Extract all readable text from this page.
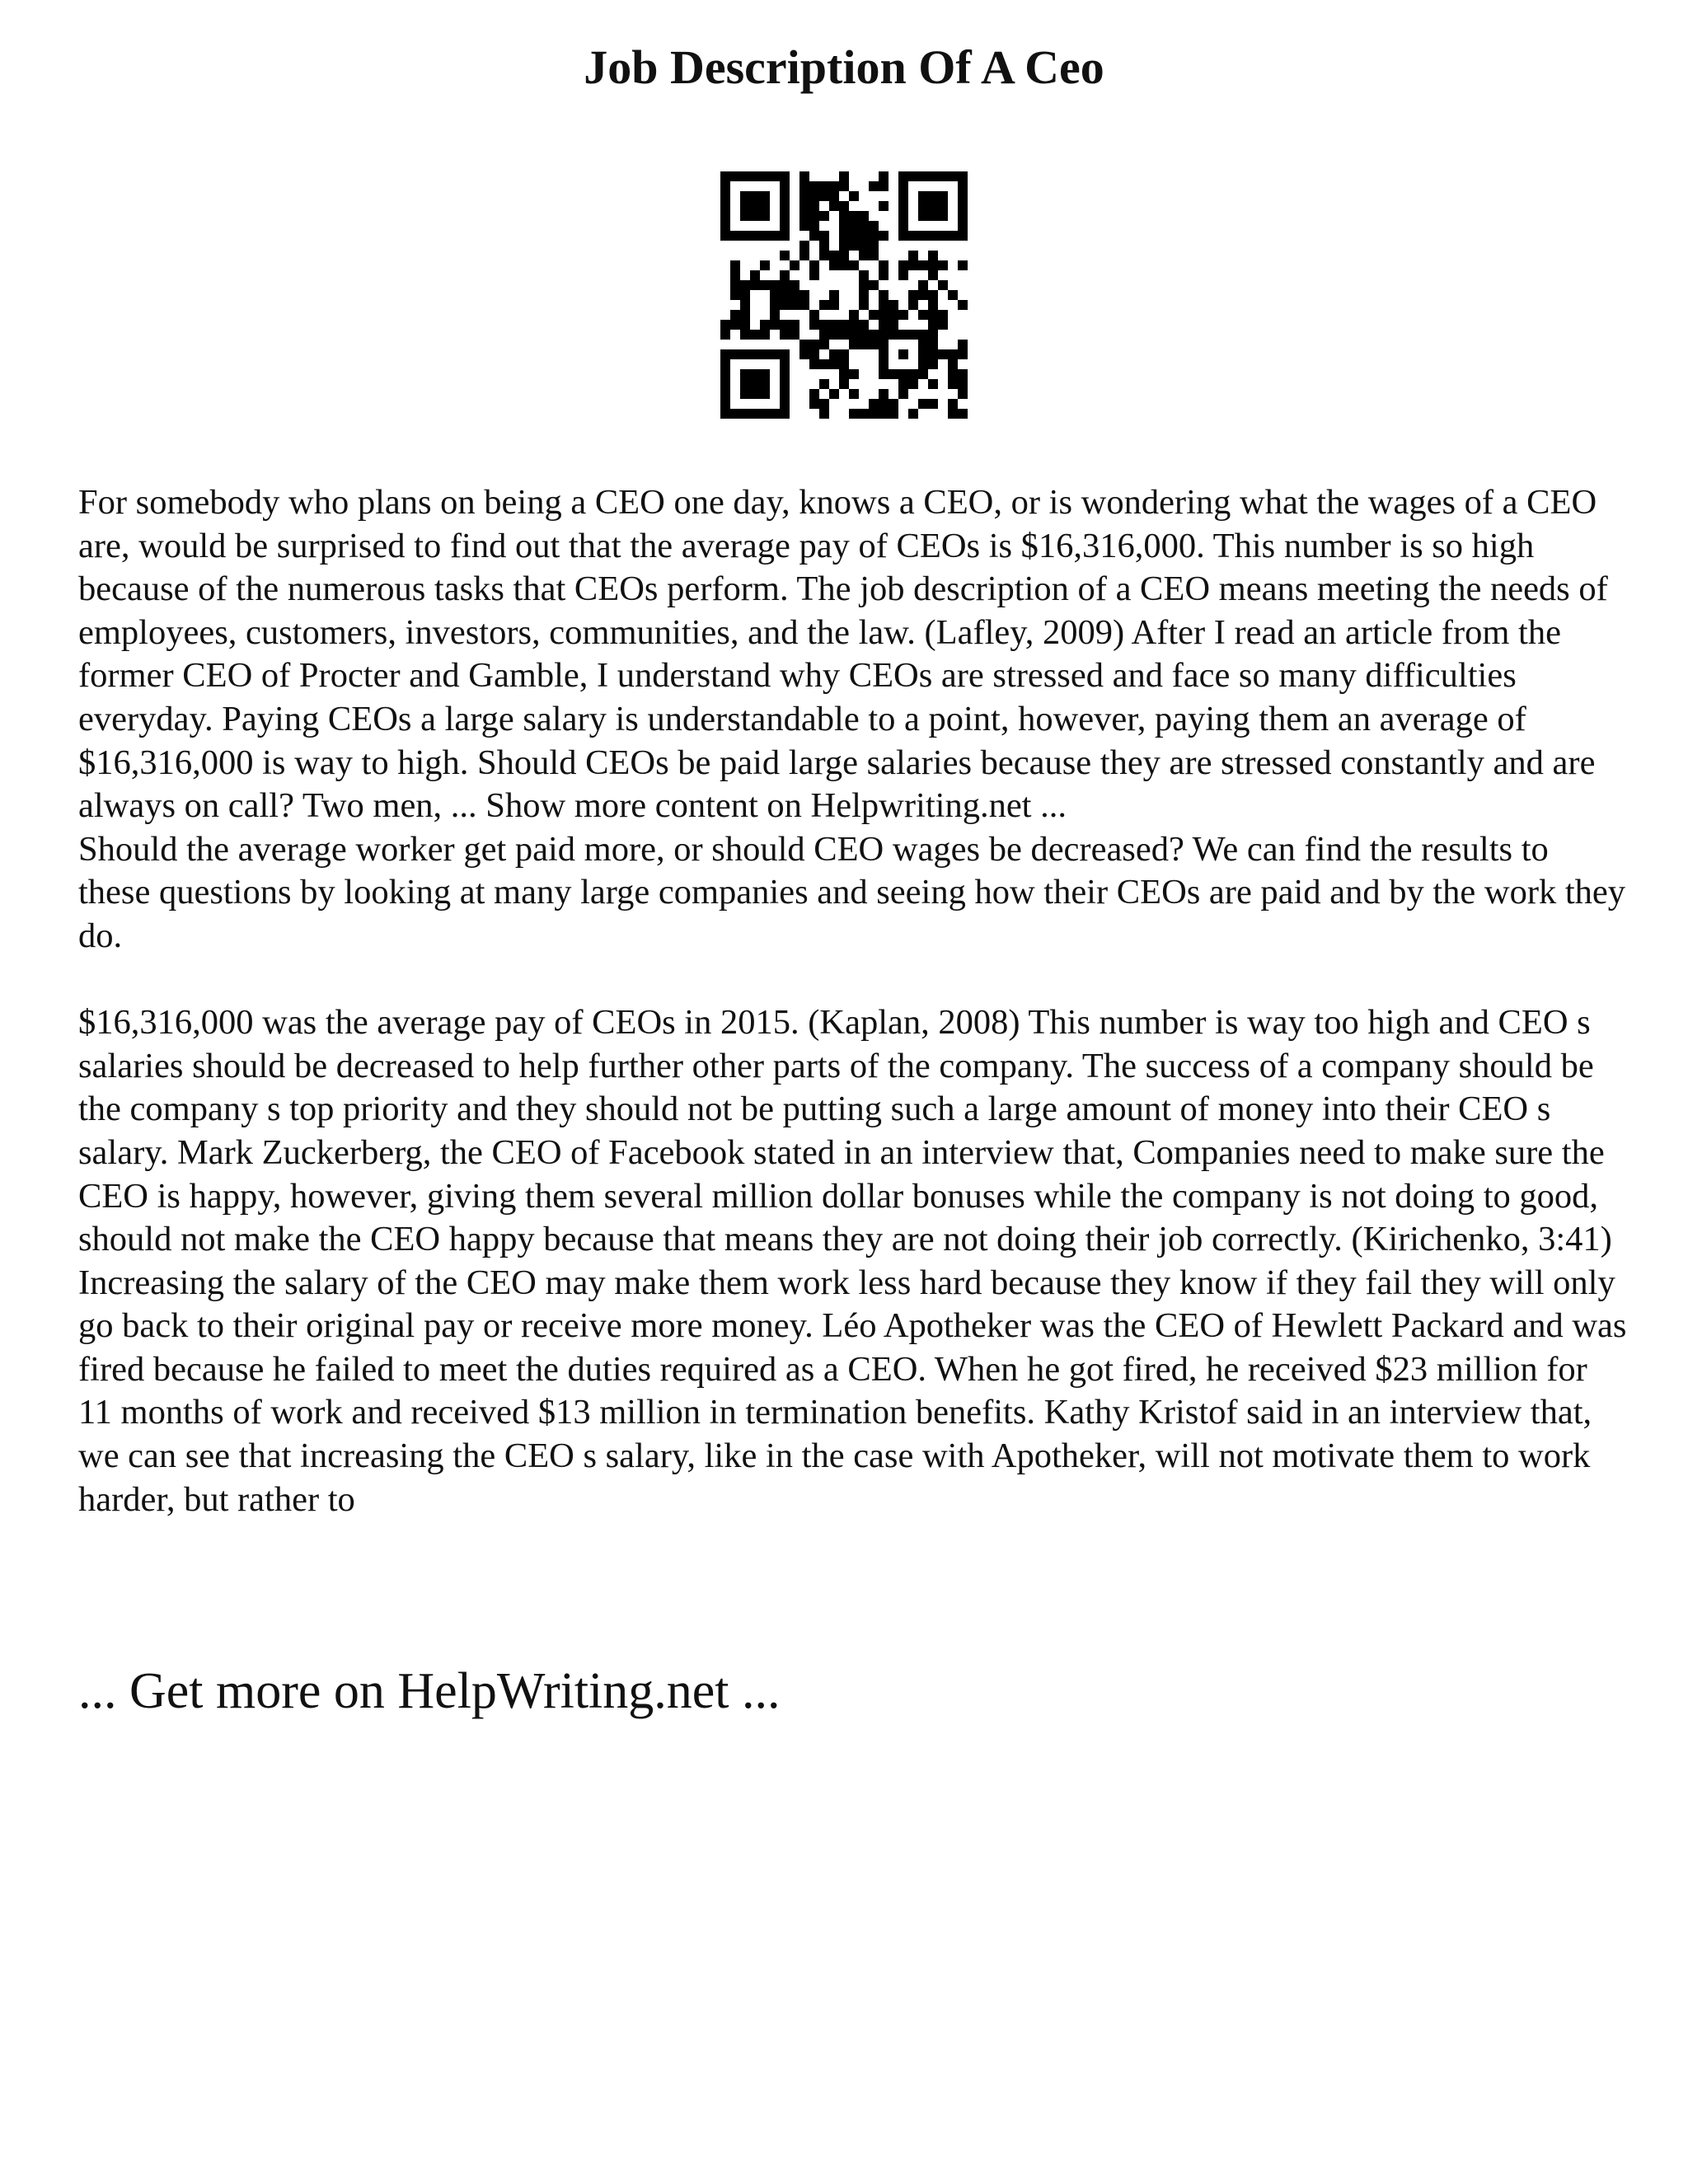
Job Description Of A Ceo

For somebody who plans on being a CEO one day, knows a CEO, or is wondering what the wages of a CEO are, would be surprised to find out that the average pay of CEOs is $16,316,000. This number is so high because of the numerous tasks that CEOs perform. The job description of a CEO means meeting the needs of employees, customers, investors, communities, and the law. (Lafley, 2009) After I read an article from the former CEO of Procter and Gamble, I understand why CEOs are stressed and face so many difficulties everyday. Paying CEOs a large salary is understandable to a point, however, paying them an average of $16,316,000 is way to high. Should CEOs be paid large salaries because they are stressed constantly and are always on call? Two men, ... Show more content on Helpwriting.net ...

Should the average worker get paid more, or should CEO wages be decreased? We can find the results to these questions by looking at many large companies and seeing how their CEOs are paid and by the work they do.

$16,316,000 was the average pay of CEOs in 2015. (Kaplan, 2008) This number is way too high and CEO s salaries should be decreased to help further other parts of the company. The success of a company should be the company s top priority and they should not be putting such a large amount of money into their CEO s salary. Mark Zuckerberg, the CEO of Facebook stated in an interview that, Companies need to make sure the CEO is happy, however, giving them several million dollar bonuses while the company is not doing to good, should not make the CEO happy because that means they are not doing their job correctly. (Kirichenko, 3:41) Increasing the salary of the CEO may make them work less hard because they know if they fail they will only go back to their original pay or receive more money. Léo Apotheker was the CEO of Hewlett Packard and was fired because he failed to meet the duties required as a CEO. When he got fired, he received $23 million for 11 months of work and received $13 million in termination benefits. Kathy Kristof said in an interview that, we can see that increasing the CEO s salary, like in the case with Apotheker, will not motivate them to work harder, but rather to

... Get more on HelpWriting.net ...
